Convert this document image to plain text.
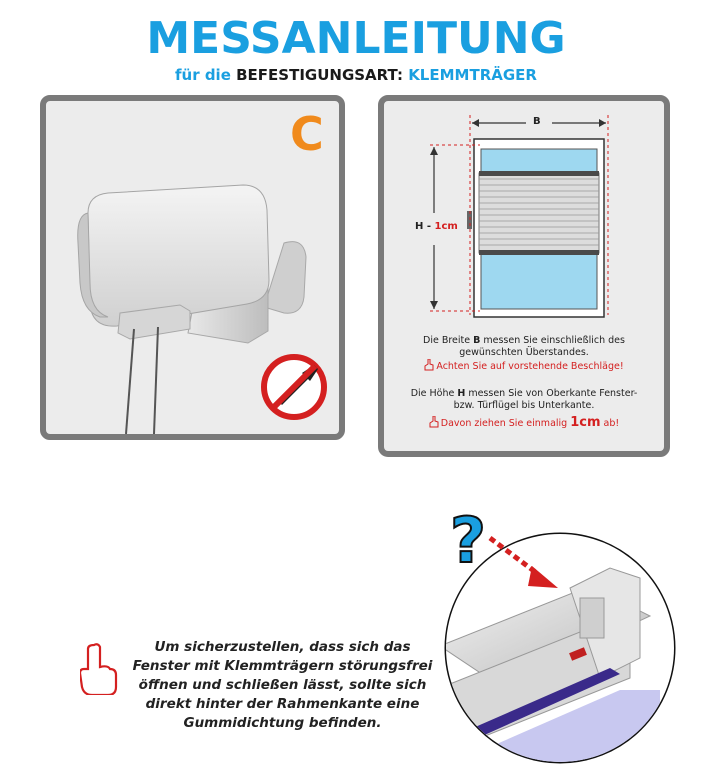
MESSANLEITUNG
für die BEFESTIGUNGSART: KLEMMTRÄGER
C	B
H - 1cm
Die Breite B messen Sie einschließlich des
gewünschten Überstandes.
Achten Sie auf vorstehende Beschläge!
Die Höhe H messen Sie von Oberkante Fenster-
bzw. Türflügel bis Unterkante.
Davon ziehen Sie einmalig 1cm ab!
?
Um sicherzustellen, dass sich das
Fenster mit Klemmträgern störungsfrei
öffnen und schließen lässt, sollte sich
direkt hinter der Rahmenkante eine
Gummidichtung befinden.
